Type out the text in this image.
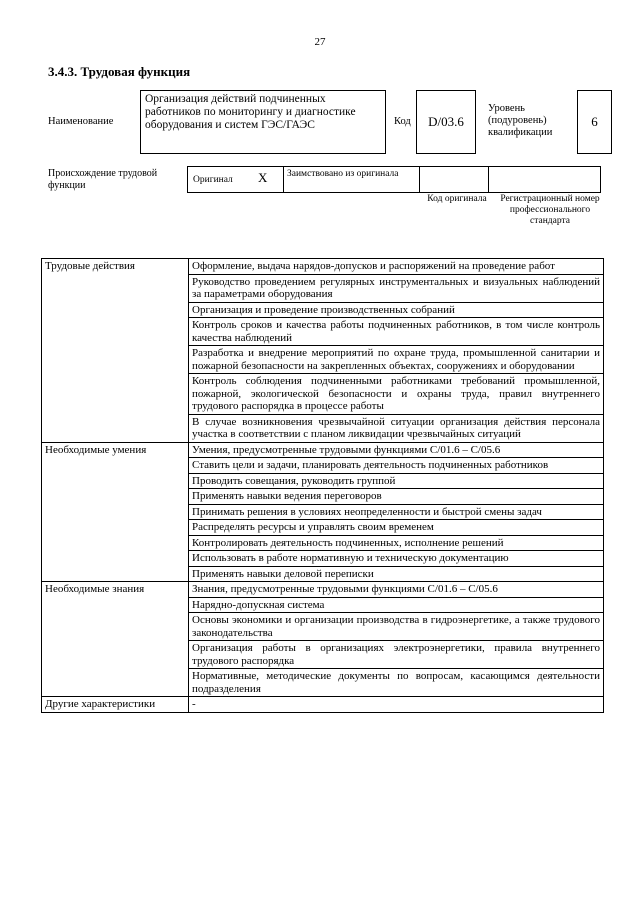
27
3.4.3. Трудовая функция
Наименование
Организация действий подчиненных работников по мониторингу и диагностике оборудования и систем ГЭС/ГАЭС	Код	D/03.6
Уровень (подуровень) квалификации
6
Происхождение трудовой функции	Оригинал X	Заимствовано из оригинала
Код оригинала	Регистрационный номер профессионального стандарта
Трудовые действия	Оформление, выдача нарядов-допусков и распоряжений на проведение работ
	Руководство проведением регулярных инструментальных и визуальных наблюдений за параметрами оборудования
	Организация и проведение производственных собраний
	Контроль сроков и качества работы подчиненных работников, в том числе контроль качества наблюдений
	Разработка и внедрение мероприятий по охране труда, промышленной санитарии и пожарной безопасности на закрепленных объектах, сооружениях и оборудовании
	Контроль соблюдения подчиненными работниками требований промышленной, пожарной, экологической безопасности и охраны труда, правил внутреннего трудового распорядка в процессе работы
	В случае возникновения чрезвычайной ситуации организация действия персонала участка в соответствии с планом ликвидации чрезвычайных ситуаций
Необходимые умения	Умения, предусмотренные трудовыми функциями С/01.6 – С/05.6
	Ставить цели и задачи, планировать деятельность подчиненных работников
	Проводить совещания, руководить группой
	Применять навыки ведения переговоров
	Принимать решения в условиях неопределенности и быстрой смены задач
	Распределять ресурсы и управлять своим временем
	Контролировать деятельность подчиненных, исполнение решений
	Использовать в работе нормативную и техническую документацию
	Применять навыки деловой переписки
Необходимые знания	Знания, предусмотренные трудовыми функциями С/01.6 – С/05.6
	Нарядно-допускная система
	Основы экономики и организации производства в гидроэнергетике, а также трудового законодательства
	Организация работы в организациях электроэнергетики, правила внутреннего трудового распорядка
	Нормативные, методические документы по вопросам, касающимся деятельности подразделения
Другие характеристики	-
